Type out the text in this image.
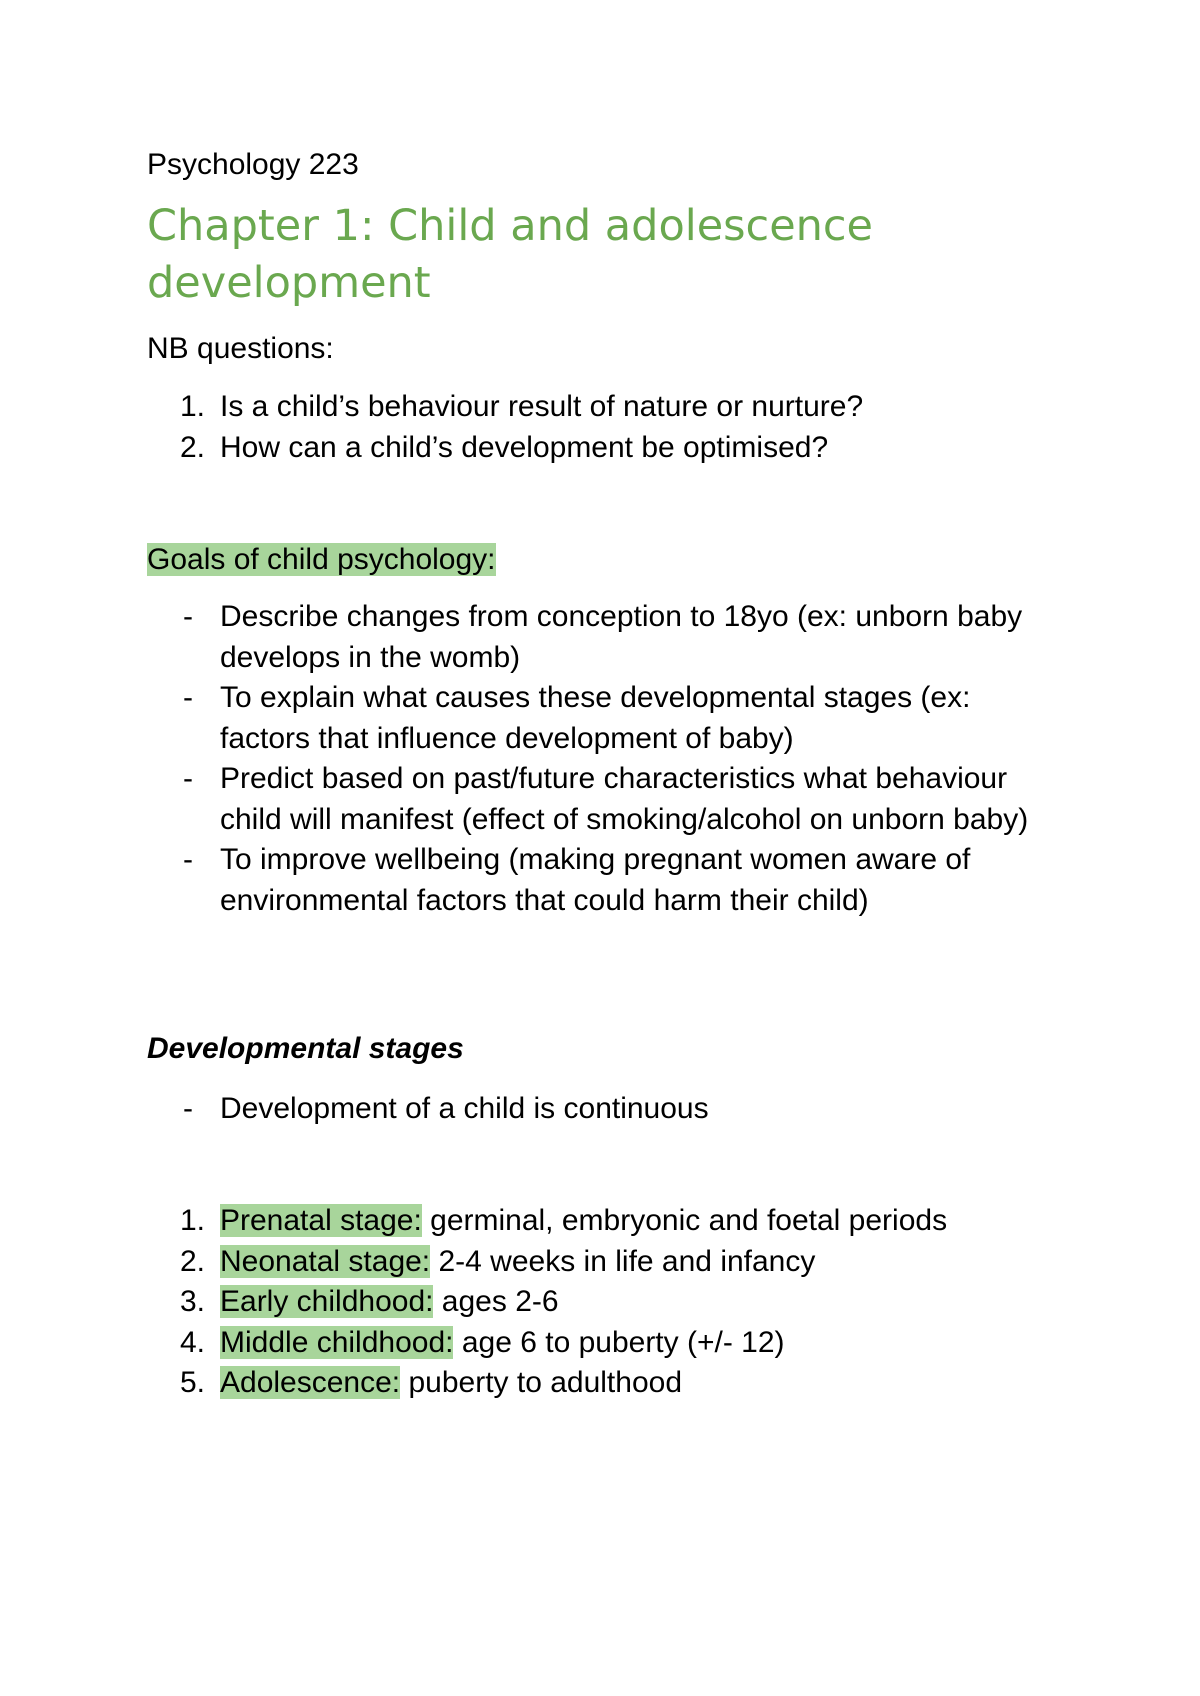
Psychology 223
Chapter 1: Child and adolescence development
NB questions:
1. Is a child’s behaviour result of nature or nurture?
2. How can a child’s development be optimised?
Goals of child psychology:
- Describe changes from conception to 18yo (ex: unborn baby develops in the womb)
- To explain what causes these developmental stages (ex: factors that influence development of baby)
- Predict based on past/future characteristics what behaviour child will manifest (effect of smoking/alcohol on unborn baby)
- To improve wellbeing (making pregnant women aware of environmental factors that could harm their child)
Developmental stages
- Development of a child is continuous
1. Prenatal stage: germinal, embryonic and foetal periods
2. Neonatal stage: 2-4 weeks in life and infancy
3. Early childhood: ages 2-6
4. Middle childhood: age 6 to puberty (+/- 12)
5. Adolescence: puberty to adulthood
